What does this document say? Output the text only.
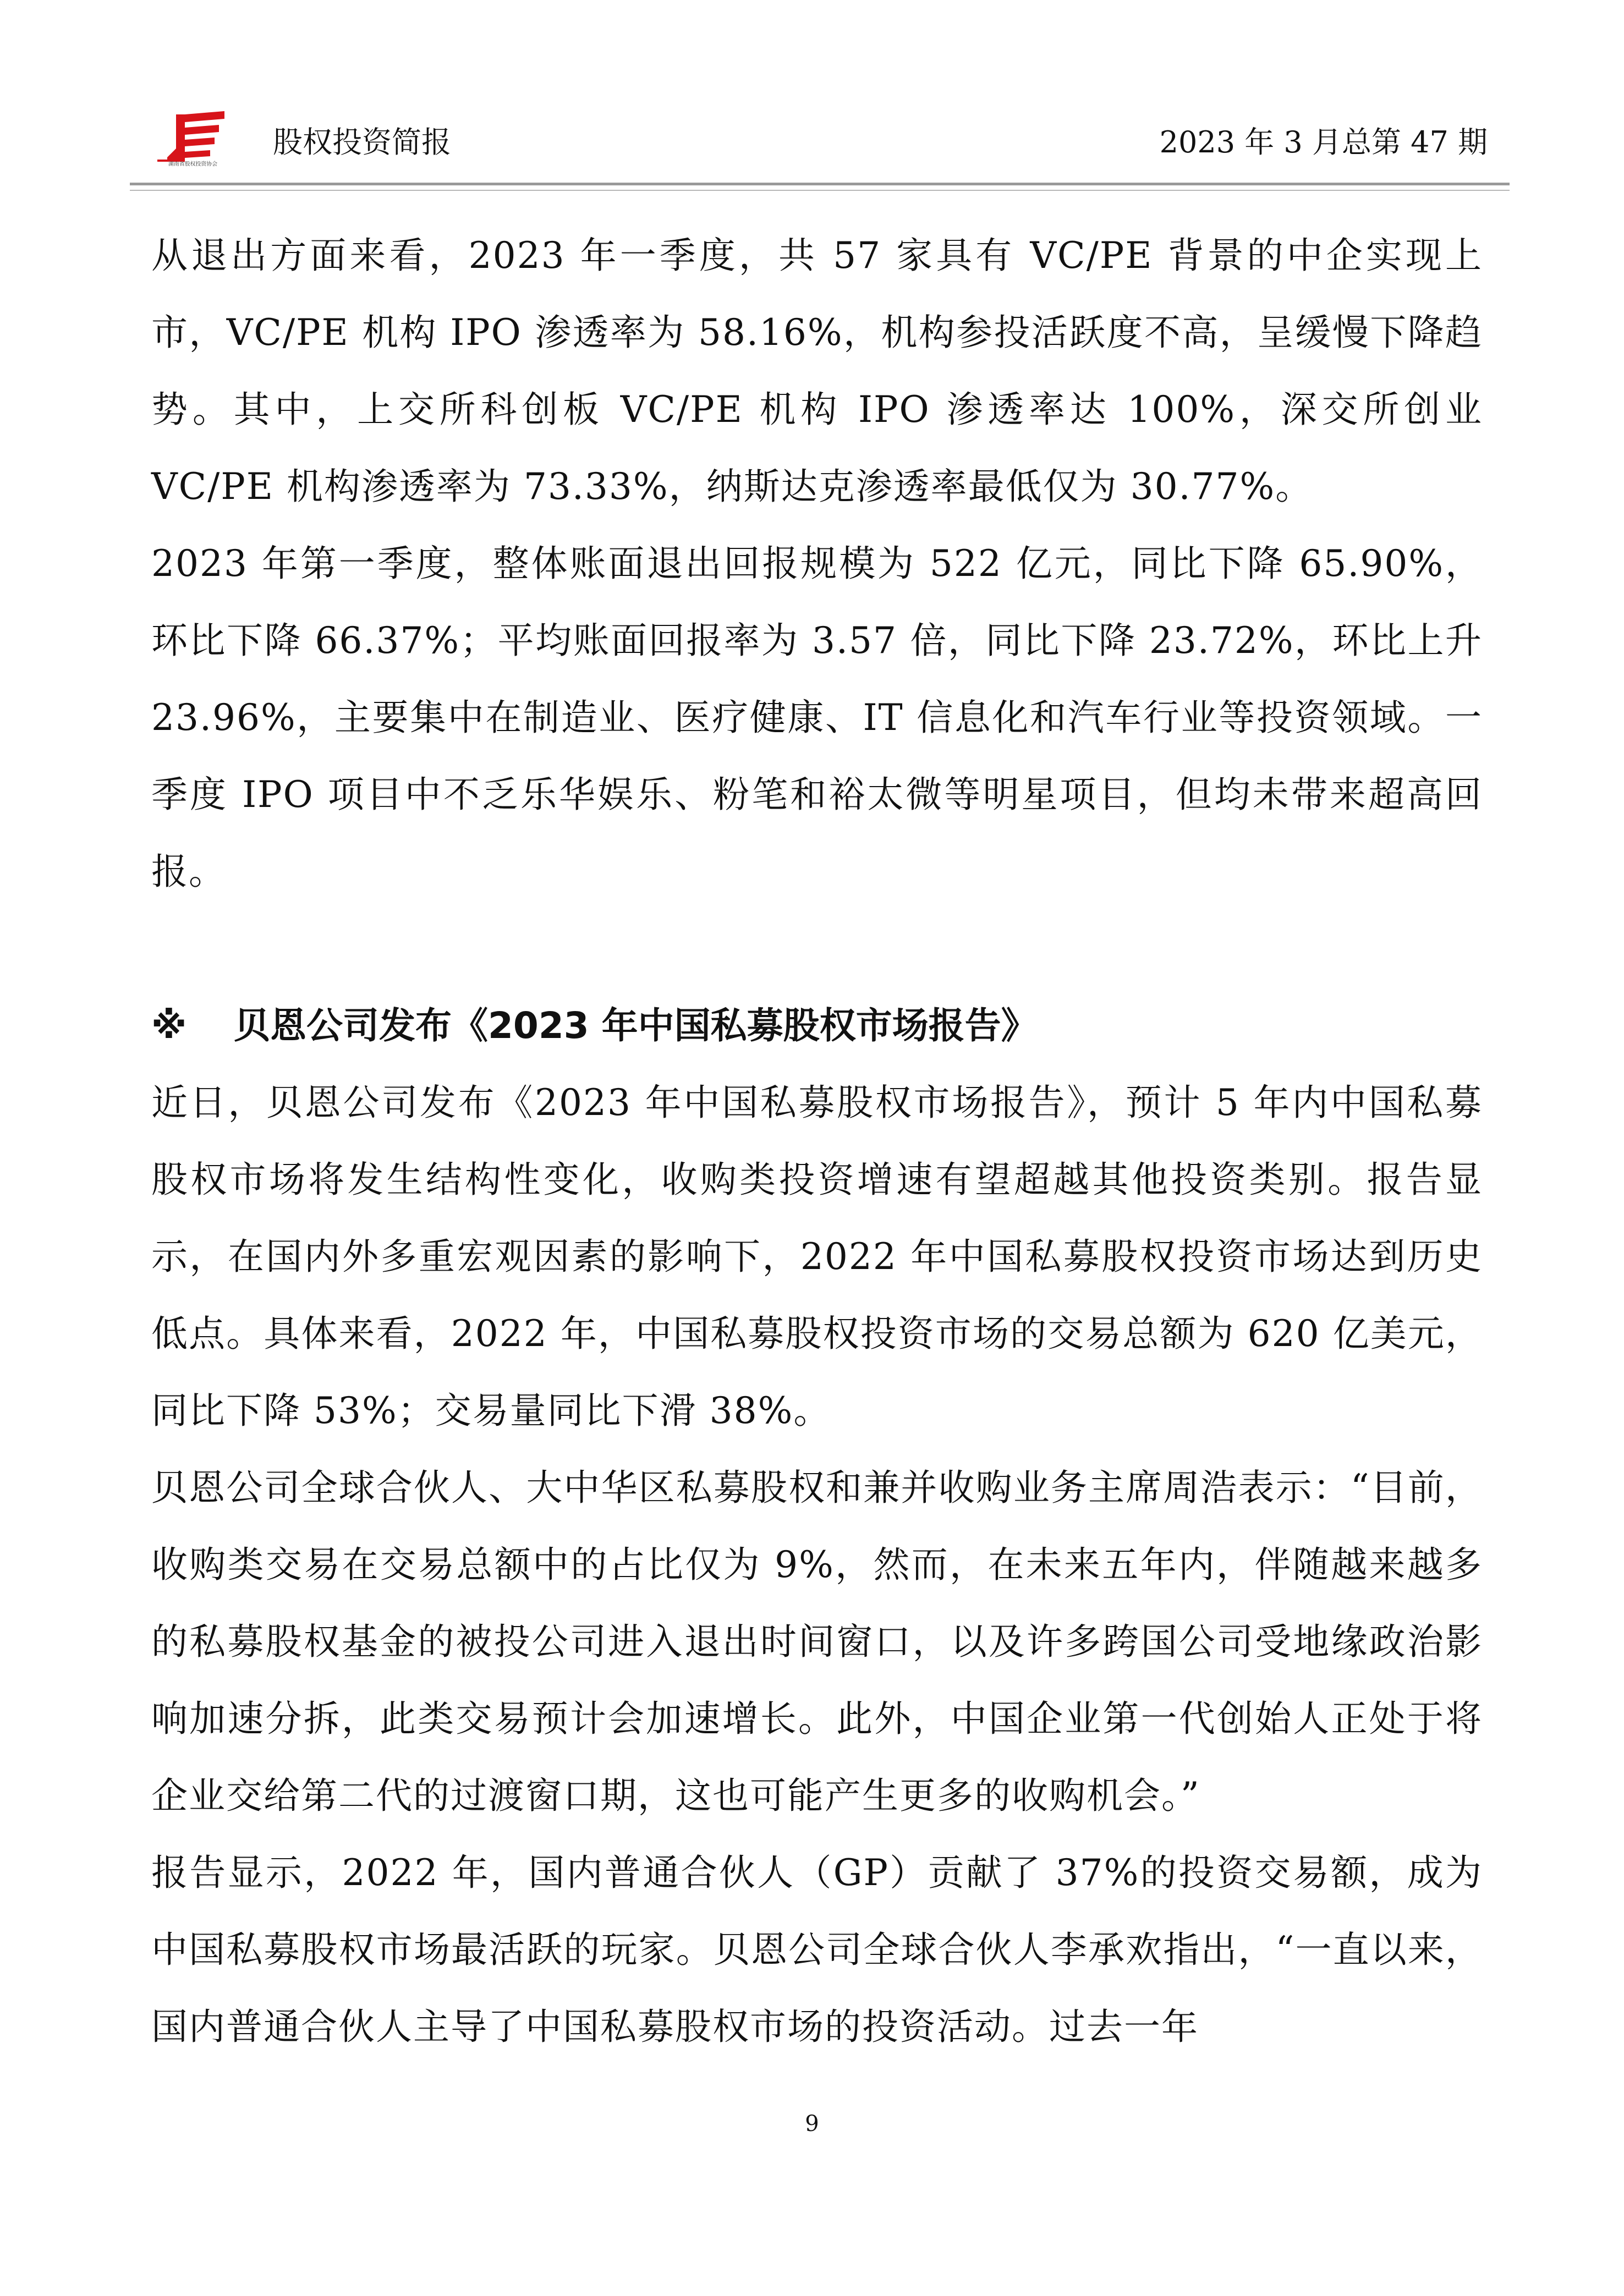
湖南省股权投资协会
股权投资简报	2023 年 3 月总第 47 期

从退出方面来看，2023 年一季度，共 57 家具有 VC/PE 背景的中企实现上市，VC/PE 机构 IPO 渗透率为 58.16%，机构参投活跃度不高，呈缓慢下降趋势。其中，上交所科创板 VC/PE 机构 IPO 渗透率达 100%，深交所创业 VC/PE 机构渗透率为 73.33%，纳斯达克渗透率最低仅为 30.77%。

2023 年第一季度，整体账面退出回报规模为 522 亿元，同比下降 65.90%，环比下降 66.37%；平均账面回报率为 3.57 倍，同比下降 23.72%，环比上升 23.96%，主要集中在制造业、医疗健康、IT 信息化和汽车行业等投资领域。一季度 IPO 项目中不乏乐华娱乐、粉笔和裕太微等明星项目，但均未带来超高回报。

※ 贝恩公司发布《2023 年中国私募股权市场报告》

近日，贝恩公司发布《2023 年中国私募股权市场报告》，预计 5 年内中国私募股权市场将发生结构性变化，收购类投资增速有望超越其他投资类别。报告显示，在国内外多重宏观因素的影响下，2022 年中国私募股权投资市场达到历史低点。具体来看，2022 年，中国私募股权投资市场的交易总额为 620 亿美元，同比下降 53%；交易量同比下滑 38%。

贝恩公司全球合伙人、大中华区私募股权和兼并收购业务主席周浩表示：“目前，收购类交易在交易总额中的占比仅为 9%，然而，在未来五年内，伴随越来越多的私募股权基金的被投公司进入退出时间窗口，以及许多跨国公司受地缘政治影响加速分拆，此类交易预计会加速增长。此外，中国企业第一代创始人正处于将企业交给第二代的过渡窗口期，这也可能产生更多的收购机会。”

报告显示，2022 年，国内普通合伙人（GP）贡献了 37%的投资交易额，成为中国私募股权市场最活跃的玩家。贝恩公司全球合伙人李承欢指出，“一直以来，国内普通合伙人主导了中国私募股权市场的投资活动。过去一年

9
